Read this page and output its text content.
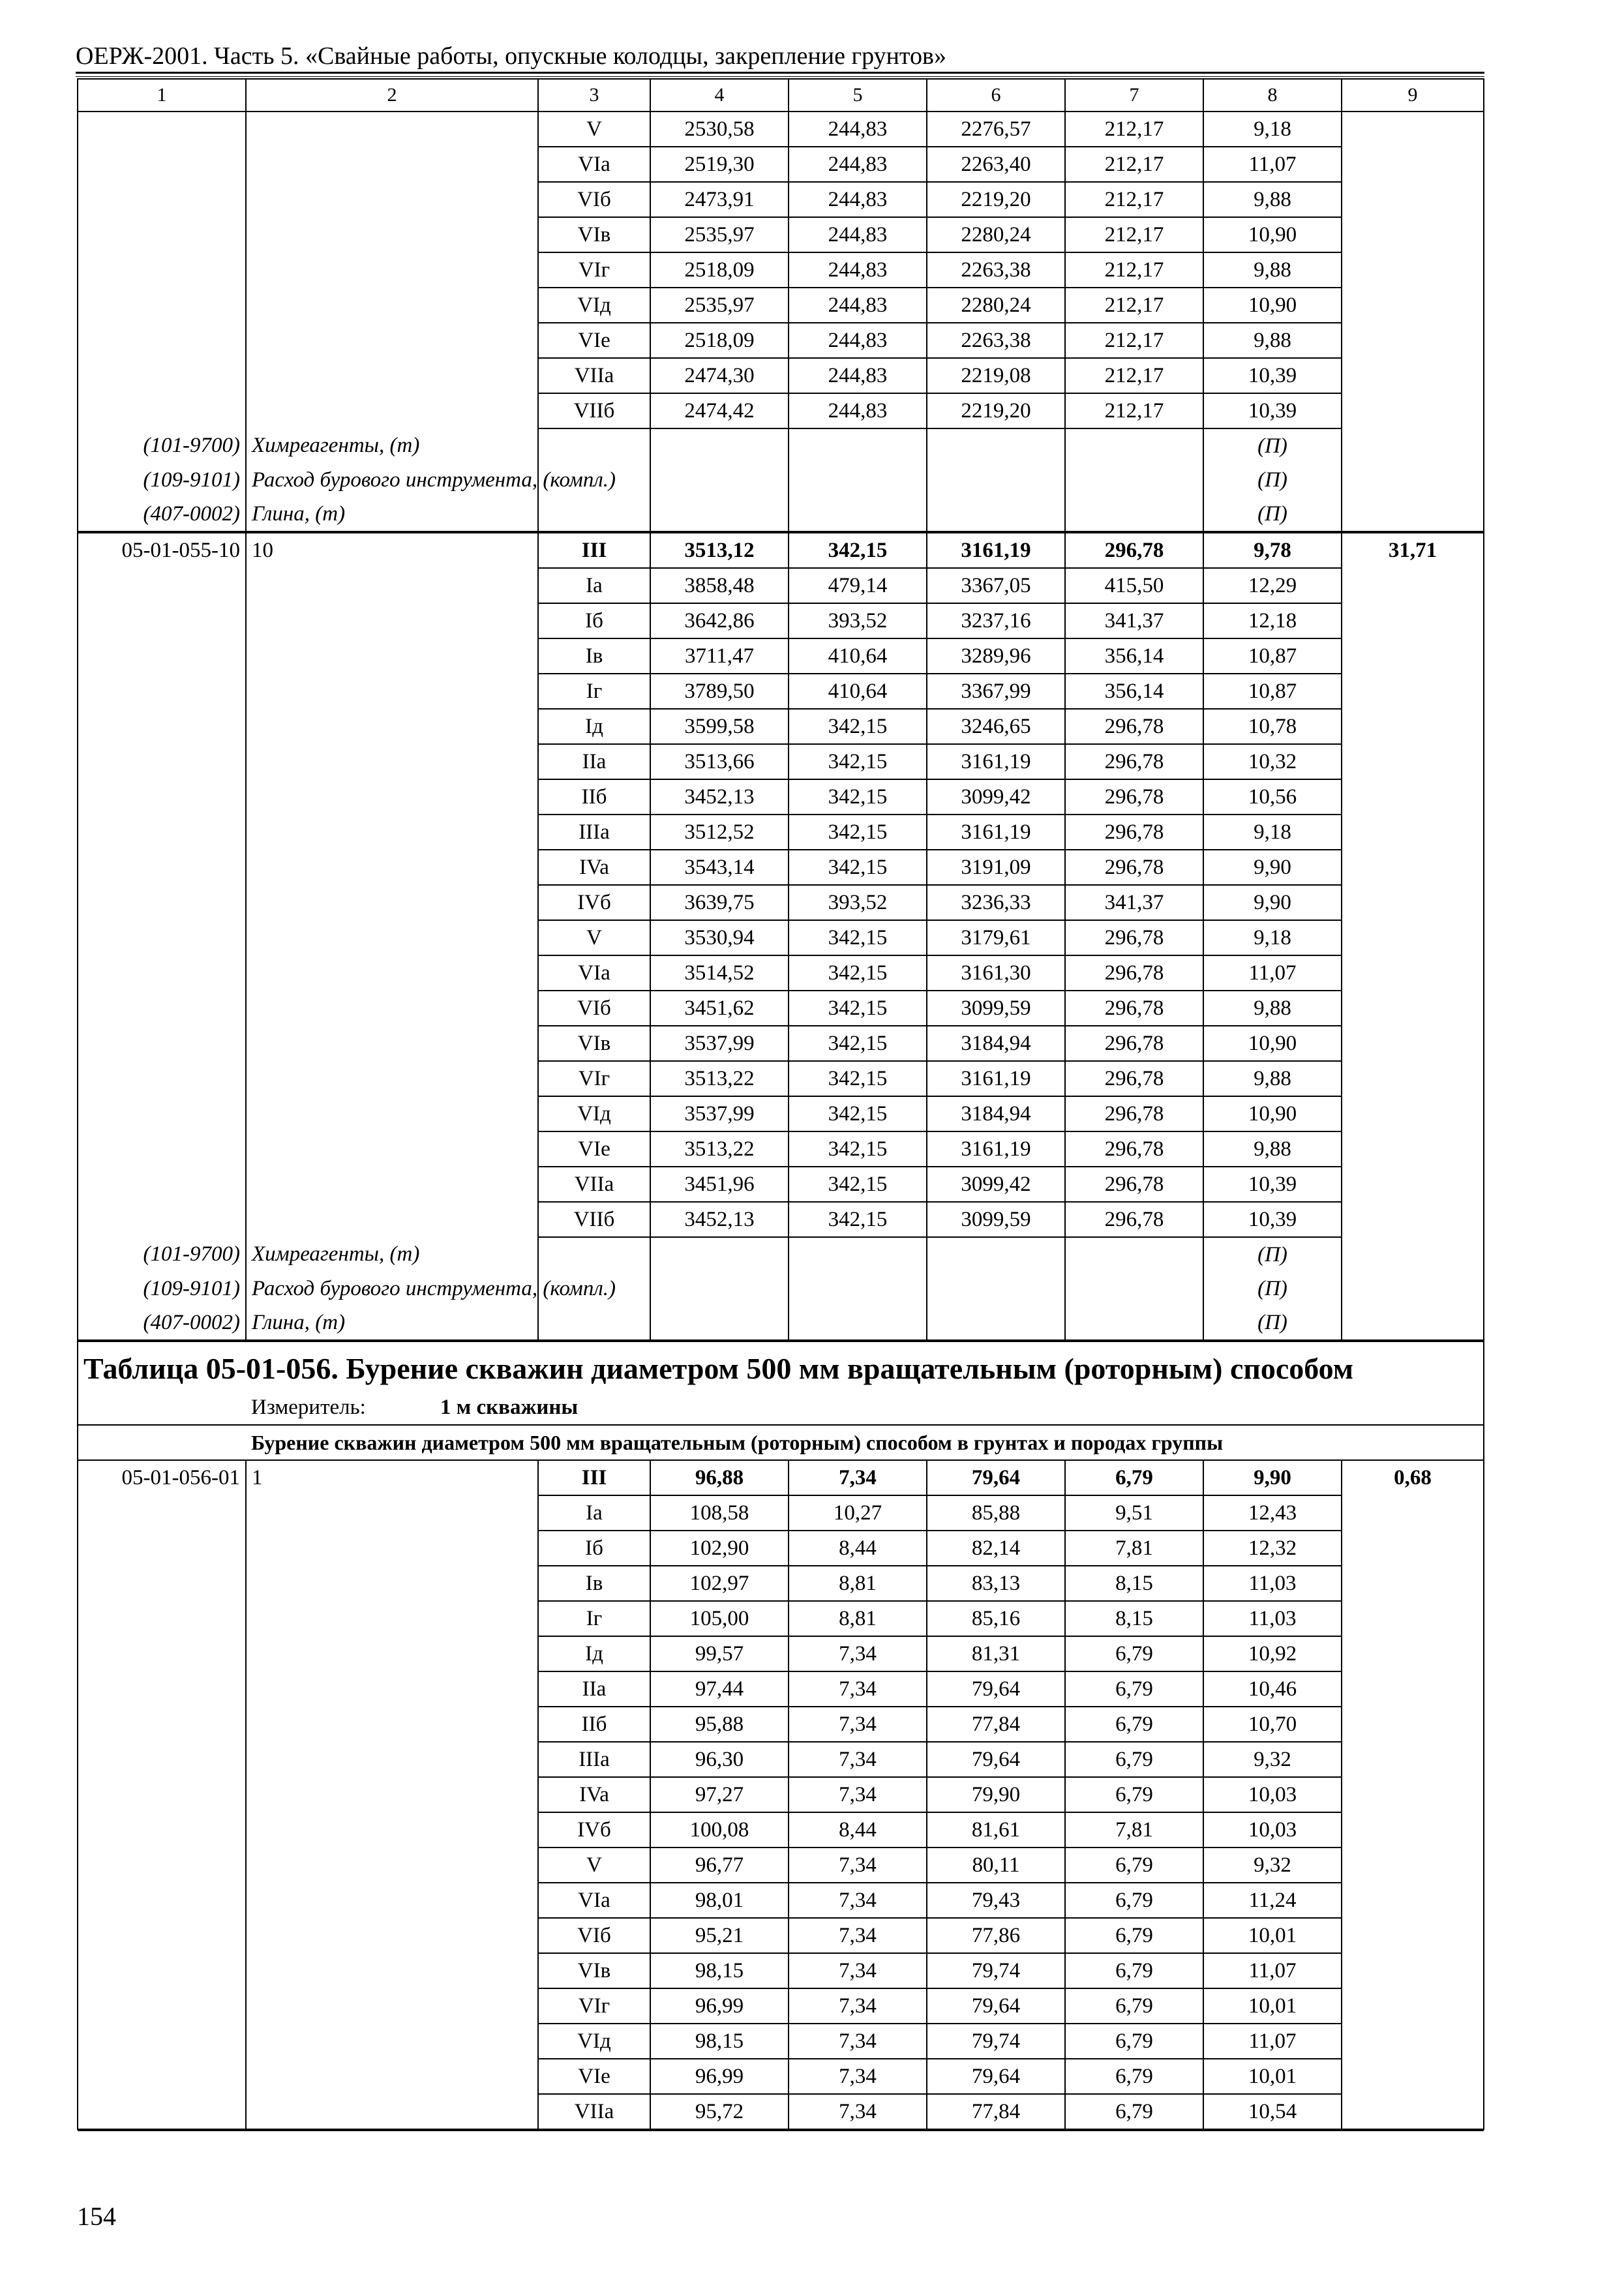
ОЕРЖ-2001. Часть 5. «Свайные работы, опускные колодцы, закрепление грунтов»
1	2	3	4	5	6	7	8	9
		V	2530,58	244,83	2276,57	212,17	9,18	
		VIa	2519,30	244,83	2263,40	212,17	11,07	
		VIб	2473,91	244,83	2219,20	212,17	9,88	
		VIв	2535,97	244,83	2280,24	212,17	10,90	
		VIг	2518,09	244,83	2263,38	212,17	9,88	
		VIд	2535,97	244,83	2280,24	212,17	10,90	
		VIе	2518,09	244,83	2263,38	212,17	9,88	
		VIIa	2474,30	244,83	2219,08	212,17	10,39	
		VIIб	2474,42	244,83	2219,20	212,17	10,39	
(101-9700)	Химреагенты, (т)						(П)	
(109-9101)	Расход бурового инструмента, (компл.)						(П)	
(407-0002)	Глина, (т)						(П)	

05-01-055-10	10	III	3513,12	342,15	3161,19	296,78	9,78	31,71
		Ia	3858,48	479,14	3367,05	415,50	12,29	
		Iб	3642,86	393,52	3237,16	341,37	12,18	
		Iв	3711,47	410,64	3289,96	356,14	10,87	
		Iг	3789,50	410,64	3367,99	356,14	10,87	
		Iд	3599,58	342,15	3246,65	296,78	10,78	
		IIa	3513,66	342,15	3161,19	296,78	10,32	
		IIб	3452,13	342,15	3099,42	296,78	10,56	
		IIIa	3512,52	342,15	3161,19	296,78	9,18	
		IVa	3543,14	342,15	3191,09	296,78	9,90	
		IVб	3639,75	393,52	3236,33	341,37	9,90	
		V	3530,94	342,15	3179,61	296,78	9,18	
		VIa	3514,52	342,15	3161,30	296,78	11,07	
		VIб	3451,62	342,15	3099,59	296,78	9,88	
		VIв	3537,99	342,15	3184,94	296,78	10,90	
		VIг	3513,22	342,15	3161,19	296,78	9,88	
		VIд	3537,99	342,15	3184,94	296,78	10,90	
		VIе	3513,22	342,15	3161,19	296,78	9,88	
		VIIa	3451,96	342,15	3099,42	296,78	10,39	
		VIIб	3452,13	342,15	3099,59	296,78	10,39	
(101-9700)	Химреагенты, (т)						(П)	
(109-9101)	Расход бурового инструмента, (компл.)						(П)	
(407-0002)	Глина, (т)						(П)	

Таблица 05-01-056. Бурение скважин диаметром 500 мм вращательным (роторным) способом								
	Измеритель:	1 м скважины						
	Бурение скважин диаметром 500 мм вращательным (роторным) способом в грунтах и породах группы							
05-01-056-01	1	III	96,88	7,34	79,64	6,79	9,90	0,68
		Ia	108,58	10,27	85,88	9,51	12,43	
		Iб	102,90	8,44	82,14	7,81	12,32	
		Iв	102,97	8,81	83,13	8,15	11,03	
		Iг	105,00	8,81	85,16	8,15	11,03	
		Iд	99,57	7,34	81,31	6,79	10,92	
		IIa	97,44	7,34	79,64	6,79	10,46	
		IIб	95,88	7,34	77,84	6,79	10,70	
		IIIa	96,30	7,34	79,64	6,79	9,32	
		IVa	97,27	7,34	79,90	6,79	10,03	
		IVб	100,08	8,44	81,61	7,81	10,03	
		V	96,77	7,34	80,11	6,79	9,32	
		VIa	98,01	7,34	79,43	6,79	11,24	
		VIб	95,21	7,34	77,86	6,79	10,01	
		VIв	98,15	7,34	79,74	6,79	11,07	
		VIг	96,99	7,34	79,64	6,79	10,01	
		VIд	98,15	7,34	79,74	6,79	11,07	
		VIе	96,99	7,34	79,64	6,79	10,01	
		VIIa	95,72	7,34	77,84	6,79	10,54	

154
